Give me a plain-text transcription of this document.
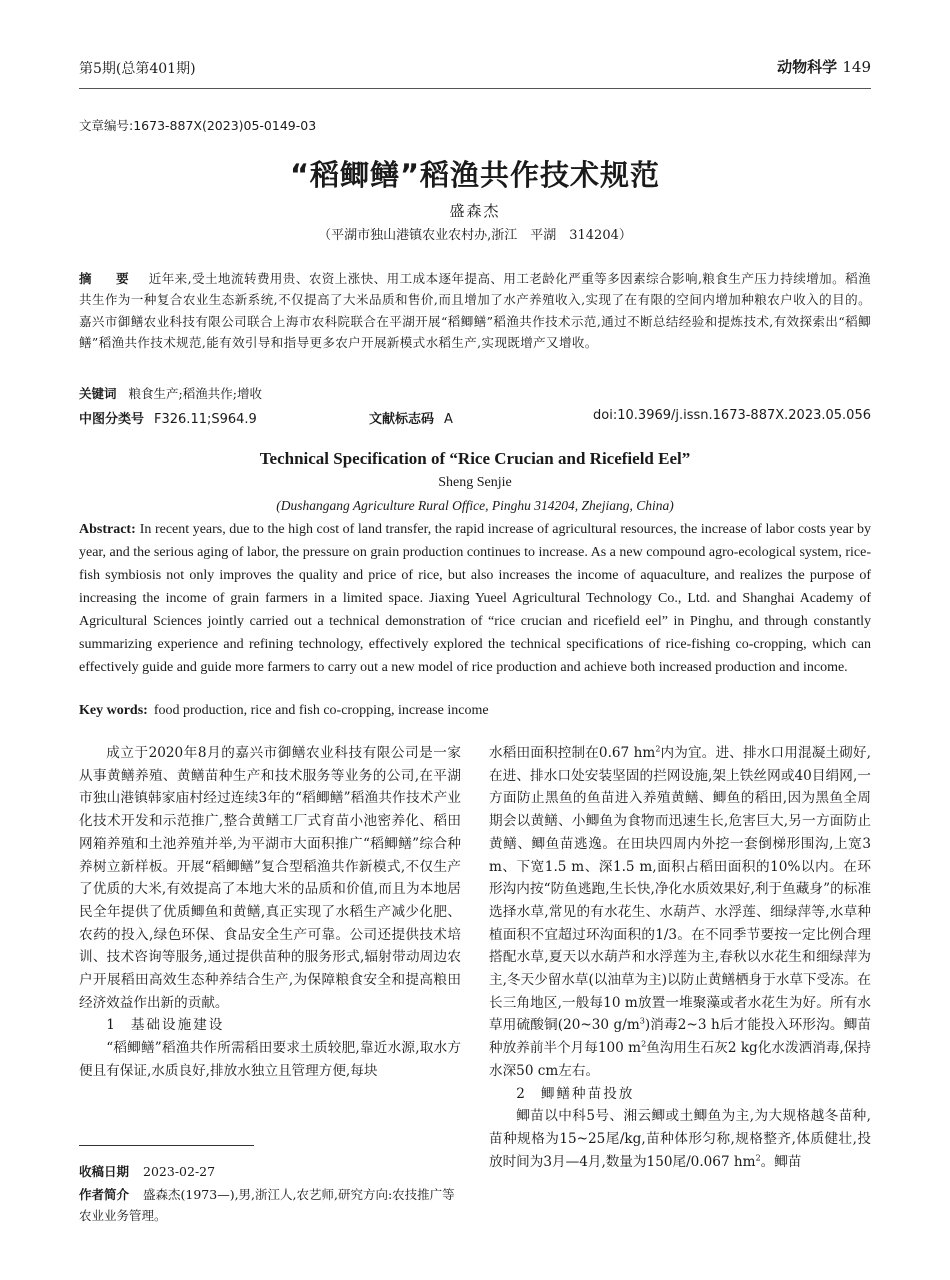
第5期(总第401期)	动物科学 149
文章编号:1673-887X(2023)05-0149-03
“稻鲫鳝”稻渔共作技术规范
盛森杰
（平湖市独山港镇农业农村办,浙江　平湖　314204）
摘　要 近年来,受土地流转费用贵、农资上涨快、用工成本逐年提高、用工老龄化严重等多因素综合影响,粮食生产压力持续增加。稻渔共生作为一种复合农业生态新系统,不仅提高了大米品质和售价,而且增加了水产养殖收入,实现了在有限的空间内增加种粮农户收入的目的。嘉兴市御鳝农业科技有限公司联合上海市农科院联合在平湖开展“稻鲫鳝”稻渔共作技术示范,通过不断总结经验和提炼技术,有效探索出“稻鲫鳝”稻渔共作技术规范,能有效引导和指导更多农户开展新模式水稻生产,实现既增产又增收。
关键词 粮食生产;稻渔共作;增收
中图分类号 F326.11;S964.9	文献标志码 A	doi:10.3969/j.issn.1673-887X.2023.05.056
Technical Specification of “Rice Crucian and Ricefield Eel”
Sheng Senjie
(Dushangang Agriculture Rural Office, Pinghu 314204, Zhejiang, China)
Abstract: In recent years, due to the high cost of land transfer, the rapid increase of agricultural resources, the increase of labor costs year by year, and the serious aging of labor, the pressure on grain production continues to increase. As a new compound agro-ecological system, rice-fish symbiosis not only improves the quality and price of rice, but also increases the income of aquaculture, and realizes the purpose of increasing the income of grain farmers in a limited space. Jiaxing Yueel Agricultural Technology Co., Ltd. and Shanghai Academy of Agricultural Sciences jointly carried out a technical demonstration of “rice crucian and ricefield eel” in Pinghu, and through constantly summarizing experience and refining technology, effectively explored the technical specifications of rice-fishing co-cropping, which can effectively guide and guide more farmers to carry out a new model of rice production and achieve both increased production and income.
Key words: food production, rice and fish co-cropping, increase income

成立于2020年8月的嘉兴市御鳝农业科技有限公司是一家从事黄鳝养殖、黄鳝苗种生产和技术服务等业务的公司,在平湖市独山港镇韩家庙村经过连续3年的“稻鲫鳝”稻渔共作技术产业化技术开发和示范推广,整合黄鳝工厂式育苗小池密养化、稻田网箱养殖和土池养殖并举,为平湖市大面积推广“稻鲫鳝”综合种养树立新样板。开展“稻鲫鳝”复合型稻渔共作新模式,不仅生产了优质的大米,有效提高了本地大米的品质和价值,而且为本地居民全年提供了优质鲫鱼和黄鳝,真正实现了水稻生产减少化肥、农药的投入,绿色环保、食品安全生产可靠。公司还提供技术培训、技术咨询等服务,通过提供苗种的服务形式,辐射带动周边农户开展稻田高效生态种养结合生产,为保障粮食安全和提高粮田经济效益作出新的贡献。

1 基础设施建设

“稻鲫鳝”稻渔共作所需稻田要求土质较肥,靠近水源,取水方便且有保证,水质良好,排放水独立且管理方便,每块

水稻田面积控制在0.67 $hm^2$内为宜。进、排水口用混凝土砌好,在进、排水口处安装坚固的拦网设施,架上铁丝网或40目绢网,一方面防止黑鱼的鱼苗进入养殖黄鳝、鲫鱼的稻田,因为黑鱼全周期会以黄鳝、小鲫鱼为食物而迅速生长,危害巨大,另一方面防止黄鳝、鲫鱼苗逃逸。在田块四周内外挖一套倒梯形围沟,上宽3 m、下宽1.5 m、深1.5 m,面积占稻田面积的10%以内。在环形沟内按“防鱼逃跑,生长快,净化水质效果好,利于鱼藏身”的标准选择水草,常见的有水花生、水葫芦、水浮莲、细绿萍等,水草种植面积不宜超过环沟面积的1/3。在不同季节要按一定比例合理搭配水草,夏天以水葫芦和水浮莲为主,春秋以水花生和细绿萍为主,冬天少留水草(以油草为主)以防止黄鳝栖身于水草下受冻。在长三角地区,一般每10 m放置一堆聚藻或者水花生为好。所有水草用硫酸铜(20~30 $g/m^3$)消毒2~3 h后才能投入环形沟。鲫苗种放养前半个月每100 $m^2$鱼沟用生石灰2 kg化水泼洒消毒,保持水深50 cm左右。

2 鲫鳝种苗投放

鲫苗以中科5号、湘云鲫或土鲫鱼为主,为大规格越冬苗种,苗种规格为15~25尾/kg,苗种体形匀称,规格整齐,体质健壮,投放时间为3月—4月,数量为150尾/0.067 $hm^2$。鲫苗

收稿日期 2023-02-27
作者简介 盛森杰(1973—),男,浙江人,农艺师,研究方向:农技推广等农业业务管理。
